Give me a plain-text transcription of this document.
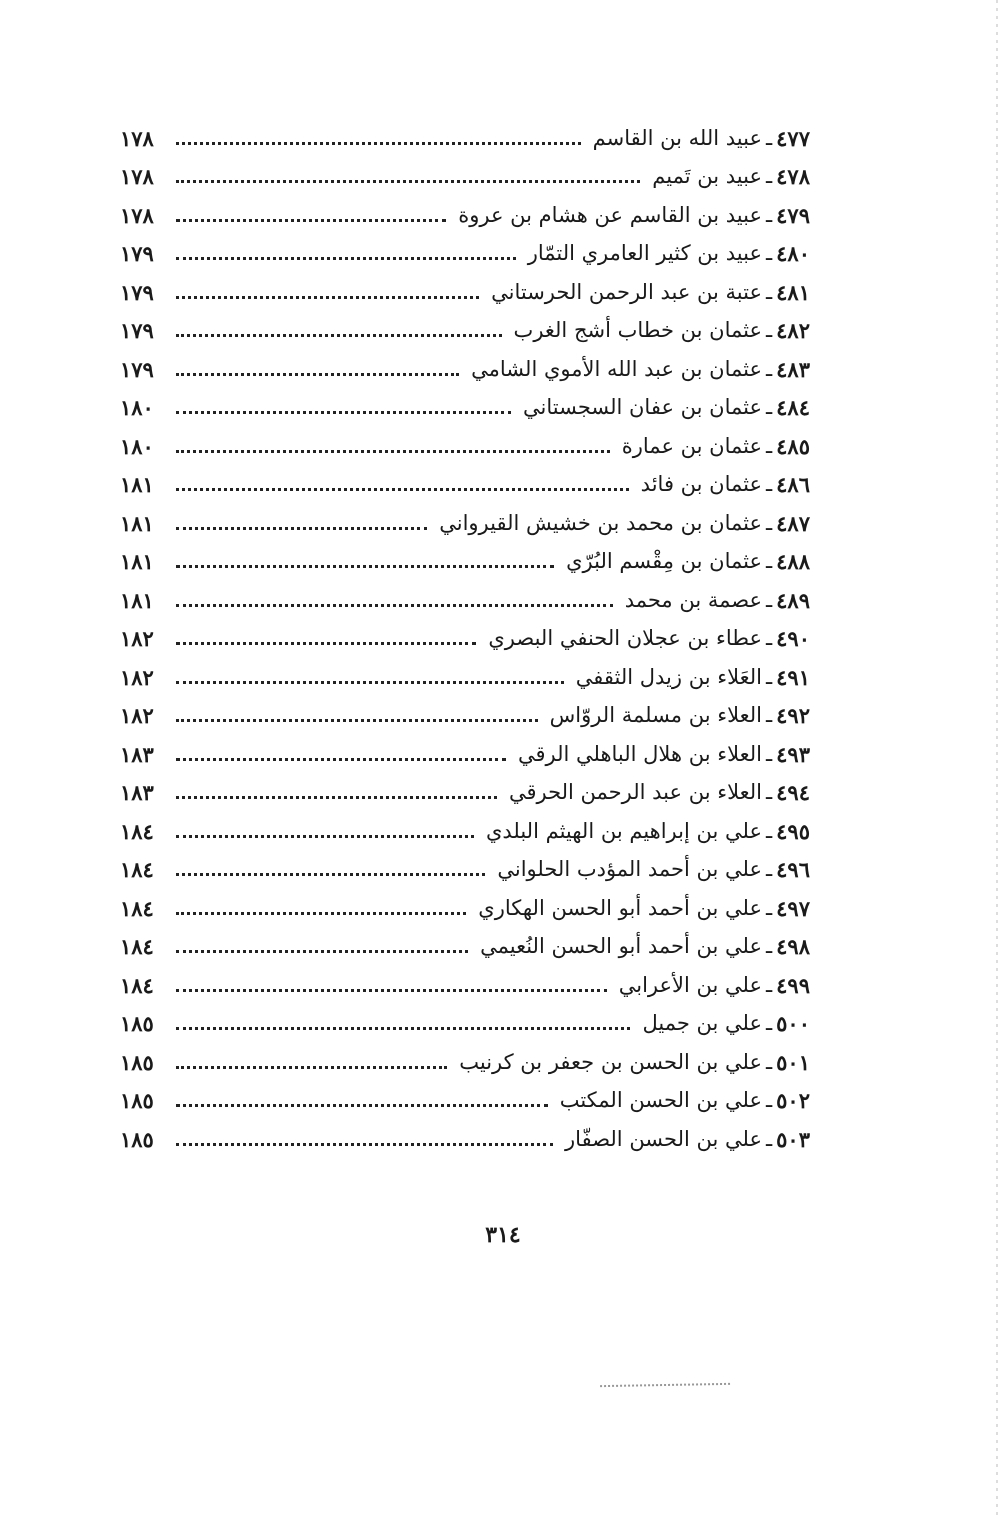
٤٧٧
ـ
عبيد الله بن القاسم
١٧٨
٤٧٨
ـ
عبيد بن تَميم
١٧٨
٤٧٩
ـ
عبيد بن القاسم عن هشام بن عروة
١٧٨
٤٨٠
ـ
عبيد بن كثير العامري التمّار
١٧٩
٤٨١
ـ
عتبة بن عبد الرحمن الحرستاني
١٧٩
٤٨٢
ـ
عثمان بن خطاب أشج الغرب
١٧٩
٤٨٣
ـ
عثمان بن عبد الله الأموي الشامي
١٧٩
٤٨٤
ـ
عثمان بن عفان السجستاني
١٨٠
٤٨٥
ـ
عثمان بن عمارة
١٨٠
٤٨٦
ـ
عثمان بن فائد
١٨١
٤٨٧
ـ
عثمان بن محمد بن خشيش القيرواني
١٨١
٤٨٨
ـ
عثمان بن مِقْسم البُرّي
١٨١
٤٨٩
ـ
عصمة بن محمد
١٨١
٤٩٠
ـ
عطاء بن عجلان الحنفي البصري
١٨٢
٤٩١
ـ
العَلاء بن زيدل الثقفي
١٨٢
٤٩٢
ـ
العلاء بن مسلمة الروّاس
١٨٢
٤٩٣
ـ
العلاء بن هلال الباهلي الرقي
١٨٣
٤٩٤
ـ
العلاء بن عبد الرحمن الحرقي
١٨٣
٤٩٥
ـ
علي بن إبراهيم بن الهيثم البلدي
١٨٤
٤٩٦
ـ
علي بن أحمد المؤدب الحلواني
١٨٤
٤٩٧
ـ
علي بن أحمد أبو الحسن الهكاري
١٨٤
٤٩٨
ـ
علي بن أحمد أبو الحسن النُعيمي
١٨٤
٤٩٩
ـ
علي بن الأعرابي
١٨٤
٥٠٠
ـ
علي بن جميل
١٨٥
٥٠١
ـ
علي بن الحسن بن جعفر بن كرنيب
١٨٥
٥٠٢
ـ
علي بن الحسن المكتب
١٨٥
٥٠٣
ـ
علي بن الحسن الصفّار
١٨٥
٣١٤
